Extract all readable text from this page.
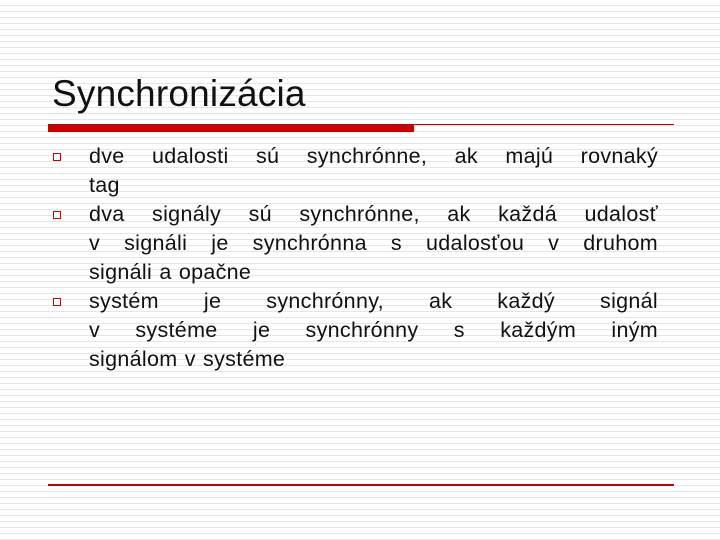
Synchronizácia
dve udalosti sú synchrónne, ak majú rovnaký
tag
dva signály sú synchrónne, ak každá udalosť
v signáli je synchrónna s udalosťou v druhom
signáli a opačne
systém je synchrónny, ak každý signál
v systéme je synchrónny s každým iným
signálom v systéme
